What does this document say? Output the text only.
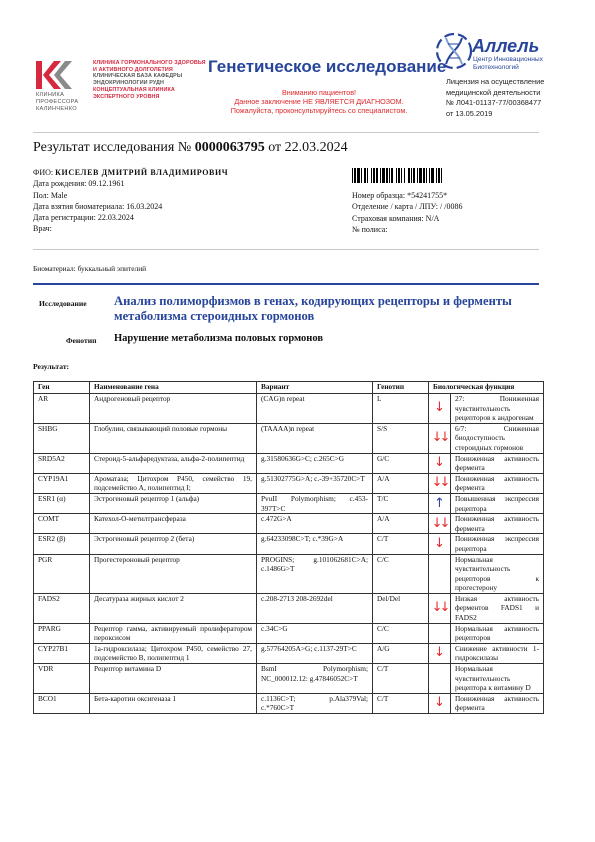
КЛИНИКА ГОРМОНАЛЬНОГО ЗДОРОВЬЯ
И АКТИВНОГО ДОЛГОЛЕТИЯ
КЛИНИЧЕСКАЯ БАЗА КАФЕДРЫ
ЭНДОКРИНОЛОГИИ РУДН
КОНЦЕПТУАЛЬНАЯ КЛИНИКА
ЭКСПЕРТНОГО УРОВНЯ
КЛИНИКА
ПРОФЕССОРА
КАЛИНЧЕНКО
Генетическое исследование
Вниманию пациентов!
Данное заключение НЕ ЯВЛЯЕТСЯ ДИАГНОЗОМ.
Пожалуйста, проконсультируйтесь со специалистом.
Аллель
Центр Инновационных
Биотехнологий
Лицензия на осуществление
медицинской деятельности
№ Л041-01137-77/00368477
от 13.05.2019
Результат исследования № 0000063795 от 22.03.2024
ФИО: КИСЕЛЕВ ДМИТРИЙ ВЛАДИМИРОВИЧ
Дата рождения: 09.12.1961
Пол: Male
Дата взятия биоматериала: 16.03.2024
Дата регистрации: 22.03.2024
Врач:
Номер образца: *54241755*
Отделение / карта / ЛПУ: / /0086
Страховая компания: N/A
№ полиса:
Биоматериал: буккальный эпителий
Исследование Анализ полиморфизмов в генах, кодирующих рецепторы и ферменты метаболизма стероидных гормонов
Фенотип Нарушение метаболизма половых гормонов
Результат:
Ген	Наименование гена	Вариант	Генотип	Биологическая функция	
AR	Андрогеновый рецептор	(CAG)n repeat	L	↓	27: Пониженная чувствительность рецепторов к андрогенам
SHBG	Глобулин, связывающий половые гормоны	(TAAAA)n repeat	S/S	↓↓	6/7: Сниженная биодоступность стероидных гормонов
SRD5A2	Стероид-5-альфаредуктаза, альфа-2-полипептид	g.31580636G>C; c.265C>G	G/C	↓	Пониженная активность фермента
CYP19A1	Ароматаза; Цитохром P450, семейство 19, подсемейство A, полипептид I;	g.51302775G>A; c.-39+35720C>T	A/A	↓↓	Пониженная активность фермента
ESR1 (α)	Эстрогеновый рецептор 1 (альфа)	PvuII Polymorphism; c.453-397T>C	T/C	↑	Повышенная экспрессия рецептора
COMT	Катехол-О-метилтрансфераза	c.472G>A	A/A	↓↓	Пониженная активность фермента
ESR2 (β)	Эстрогеновый рецептор 2 (бета)	g.64233098C>T; c.*39G>A	C/T	↓	Пониженная экспрессия рецептора
PGR	Прогестероновый рецептор	PROGINS; g.101062681C>A; c.1486G>T	C/C		Нормальная чувствительность рецепторов к прогестерону
FADS2	Десатураза жирных кислот 2	c.208-2713 208-2692del	Del/Del	↓↓	Низкая активность ферментов FADS1 и FADS2
PPARG	Рецептор гамма, активируемый пролифератором пероксисом	c.34C>G	C/C		Нормальная активность рецепторов
CYP27B1	1a-гидроксилаза; Цитохром P450, семейство 27, подсемейство B, полипептид 1	g.57764205A>G; c.1137-29T>C	A/G	↓	Снижение активности 1-гидроксилазы
VDR	Рецептор витамина D	BsmI Polymorphism; NC_000012.12: g.47846052C>T	C/T		Нормальная чувствительность рецептора к витамину D
BCO1	Бета-каротин оксигеназа 1	c.1136C>T; p.Ala379Val; c.*760C>T	C/T	↓	Пониженная активность фермента
